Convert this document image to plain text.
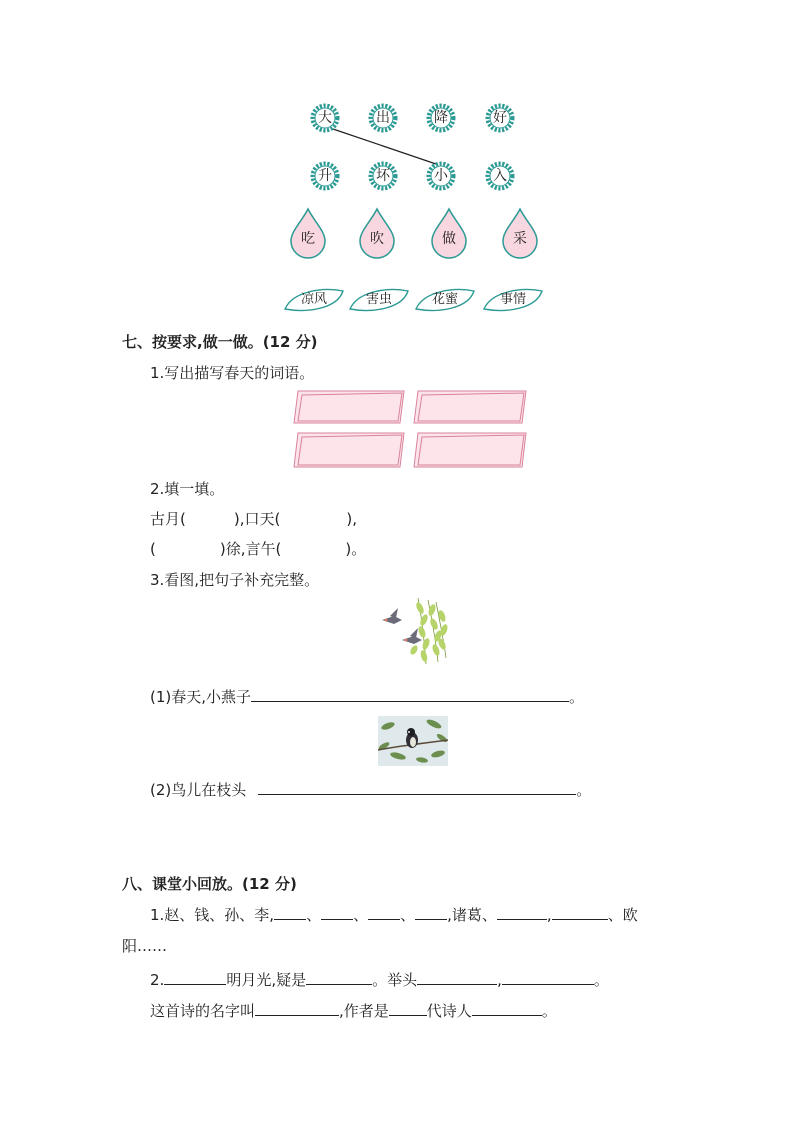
大	出	降	好
升	坏	小	入
吃	吹	做	采
凉风	害虫	花蜜	事情
七、按要求,做一做。(12 分)
1.写出描写春天的词语。
2.填一填。
古月(	),口天(	),
(	)徐,言午(	)。
3.看图,把句子补充完整。
(1)春天,小燕子	。
(2)鸟儿在枝头	。
八、课堂小回放。(12 分)
1.赵、钱、孙、李, 、 、 、 ,诸葛、	,	、欧
阳……
2.	明月光,疑是	。举头	,	。
这首诗的名字叫	,作者是	代诗人	。
